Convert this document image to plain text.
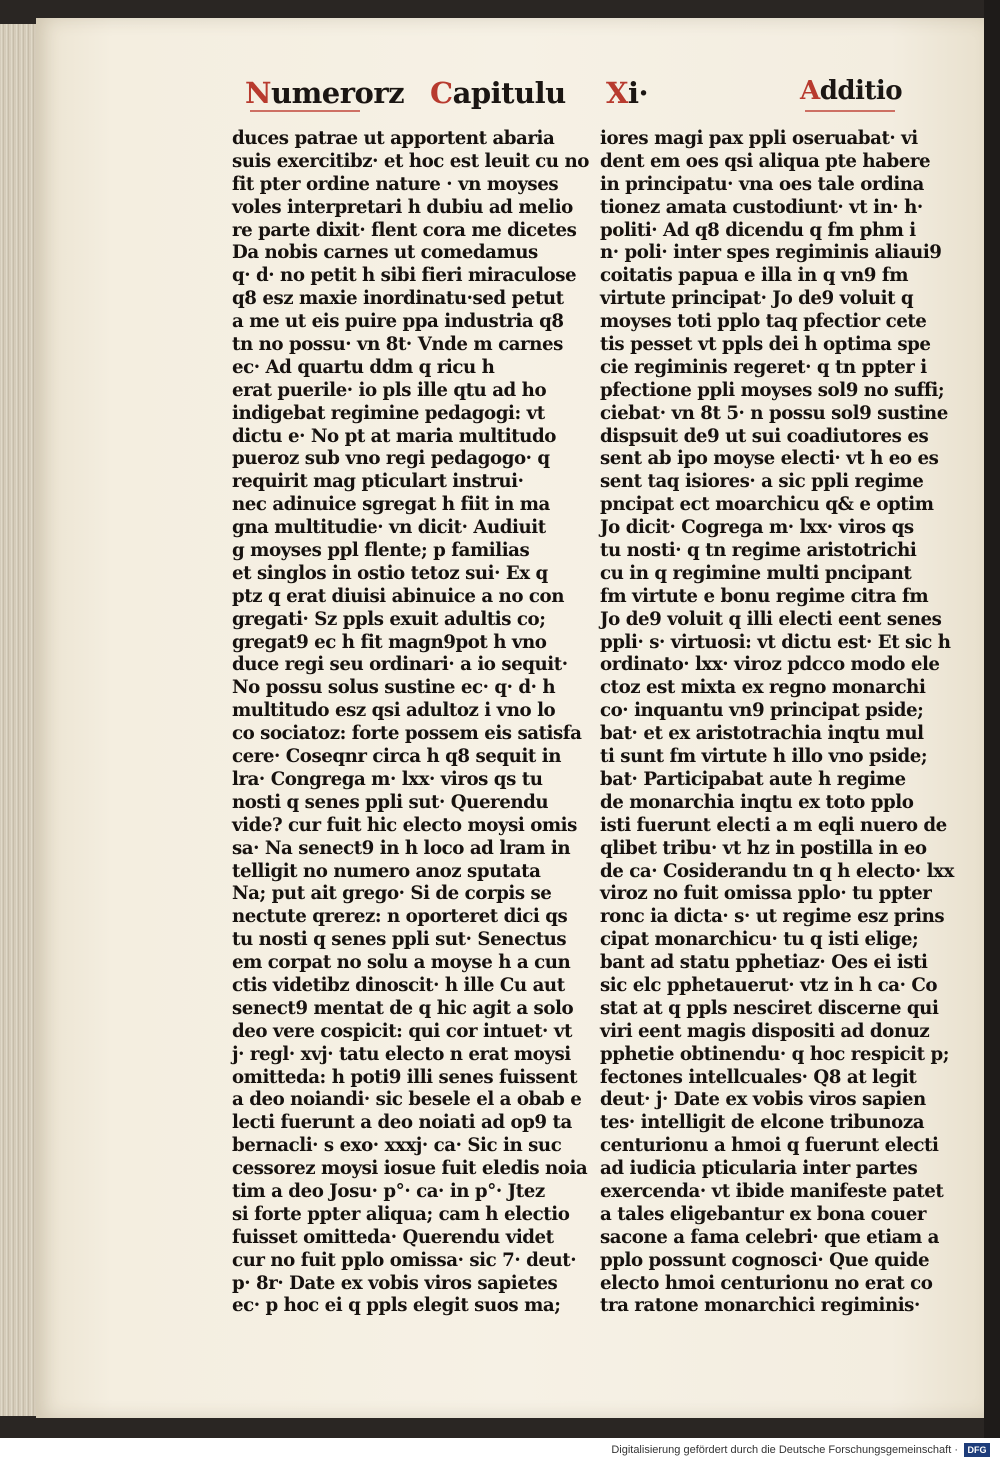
Numerorz Capitulu Xi·	Additio
duces patrae ut apportent abaria
suis exercitibz· et hoc est leuit cu no
fit pter ordine nature · vn moyses
voles interpretari h dubiu ad melio
re parte dixit· flent cora me dicetes
Da nobis carnes ut comedamus
q· d· no petit h sibi fieri miraculose
q8 esz maxie inordinatu·sed petut
a me ut eis puire ppa industria q8
tn no possu· vn 8t· Vnde m carnes
ec· Ad quartu ddm q ricu h
erat puerile· io pls ille qtu ad ho
indigebat regimine pedagogi: vt
dictu e· No pt at maria multitudo
pueroz sub vno regi pedagogo· q
requirit mag pticulart instrui·
nec adinuice sgregat h fiit in ma
gna multitudie· vn dicit· Audiuit
g moyses ppl flente; p familias
et singlos in ostio tetoz sui· Ex q
ptz q erat diuisi abinuice a no con
gregati· Sz ppls exuit adultis co;
gregat9 ec h fit magn9pot h vno
duce regi seu ordinari· a io sequit·
No possu solus sustine ec· q· d· h
multitudo esz qsi adultoz i vno lo
co sociatoz: forte possem eis satisfa
cere· Coseqnr circa h q8 sequit in
lra· Congrega m· lxx· viros qs tu
nosti q senes ppli sut· Querendu
vide? cur fuit hic electo moysi omis
sa· Na senect9 in h loco ad lram in
telligit no numero anoz sputata
Na; put ait grego· Si de corpis se
nectute qrerez: n oporteret dici qs
tu nosti q senes ppli sut· Senectus
em corpat no solu a moyse h a cun
ctis videtibz dinoscit· h ille Cu aut
senect9 mentat de q hic agit a solo
deo vere cospicit: qui cor intuet· vt
j· regl· xvj· tatu electo n erat moysi
omitteda: h poti9 illi senes fuissent
a deo noiandi· sic besele el a obab e
lecti fuerunt a deo noiati ad op9 ta
bernacli· s exo· xxxj· ca· Sic in suc
cessorez moysi iosue fuit eledis noia
tim a deo Josu· p°· ca· in p°· Jtez
si forte ppter aliqua; cam h electio
fuisset omitteda· Querendu videt
cur no fuit pplo omissa· sic 7· deut·
p· 8r· Date ex vobis viros sapietes
ec· p hoc ei q ppls elegit suos ma;
iores magi pax ppli oseruabat· vi
dent em oes qsi aliqua pte habere
in principatu· vna oes tale ordina
tionez amata custodiunt· vt in· h·
politi· Ad q8 dicendu q fm phm i
n· poli· inter spes regiminis aliaui9
coitatis papua e illa in q vn9 fm
virtute principat· Jo de9 voluit q
moyses toti pplo taq pfectior cete
tis pesset vt ppls dei h optima spe
cie regiminis regeret· q tn ppter i
pfectione ppli moyses sol9 no suffi;
ciebat· vn 8t 5· n possu sol9 sustine
dispsuit de9 ut sui coadiutores es
sent ab ipo moyse electi· vt h eo es
sent taq isiores· a sic ppli regime
pncipat ect moarchicu q& e optim
Jo dicit· Cogrega m· lxx· viros qs
tu nosti· q tn regime aristotrichi
cu in q regimine multi pncipant
fm virtute e bonu regime citra fm
Jo de9 voluit q illi electi eent senes
ppli· s· virtuosi: vt dictu est· Et sic h
ordinato· lxx· viroz pdcco modo ele
ctoz est mixta ex regno monarchi
co· inquantu vn9 principat pside;
bat· et ex aristotrachia inqtu mul
ti sunt fm virtute h illo vno pside;
bat· Participabat aute h regime
de monarchia inqtu ex toto pplo
isti fuerunt electi a m eqli nuero de
qlibet tribu· vt hz in postilla in eo
de ca· Cosiderandu tn q h electo· lxx
viroz no fuit omissa pplo· tu ppter
ronc ia dicta· s· ut regime esz prins
cipat monarchicu· tu q isti elige;
bant ad statu pphetiaz· Oes ei isti
sic elc pphetauerut· vtz in h ca· Co
stat at q ppls nesciret discerne qui
viri eent magis dispositi ad donuz
pphetie obtinendu· q hoc respicit p;
fectones intellcuales· Q8 at legit
deut· j· Date ex vobis viros sapien
tes· intelligit de elcone tribunoza
centurionu a hmoi q fuerunt electi
ad iudicia pticularia inter partes
exercenda· vt ibide manifeste patet
a tales eligebantur ex bona couer
sacone a fama celebri· que etiam a
pplo possunt cognosci· Que quide
electo hmoi centurionu no erat co
tra ratone monarchici regiminis·
Digitalisierung gefördert durch die Deutsche Forschungsgemeinschaft ·	DFG
